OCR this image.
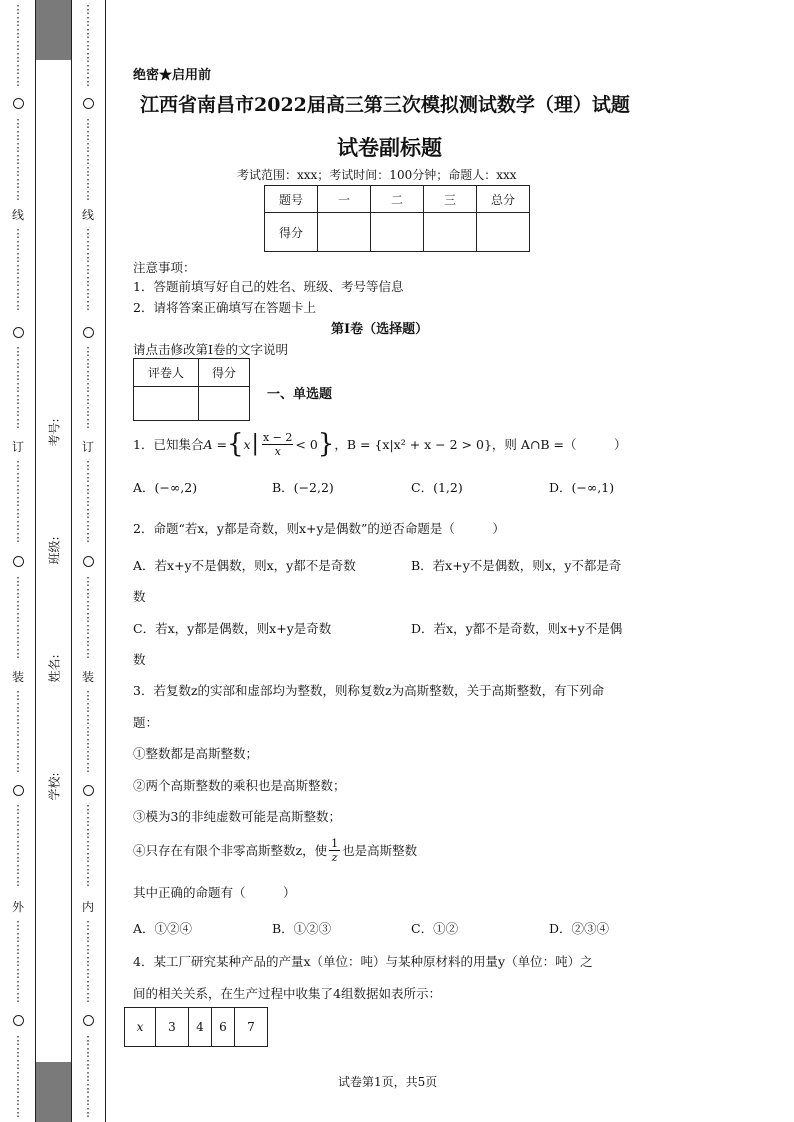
⋮
⋮
⋮
⋮
⋮
⋮
⋮
⋮
⋮
⋮
⋮
⋮
⋮
⋮
线
⋮
⋮
⋮
⋮
⋮
⋮
⋮
⋮
⋮
⋮
⋮
⋮
⋮
⋮
订
⋮
⋮
⋮
⋮
⋮
⋮
⋮
⋮
⋮
⋮
⋮
⋮
⋮
⋮
装
⋮
⋮
⋮
⋮
⋮
⋮
⋮
⋮
⋮
⋮
⋮
⋮
⋮
⋮
外
⋮
⋮
⋮
⋮
⋮
⋮
⋮
⋮
⋮
⋮
⋮
⋮
⋮
⋮
考号:
班级:
姓名:
学校:
⋮
⋮
⋮
⋮
⋮
⋮
⋮
⋮
⋮
⋮
⋮
⋮
⋮
⋮
线
⋮
⋮
⋮
⋮
⋮
⋮
⋮
⋮
⋮
⋮
⋮
⋮
⋮
⋮
订
⋮
⋮
⋮
⋮
⋮
⋮
⋮
⋮
⋮
⋮
⋮
⋮
⋮
⋮
装
⋮
⋮
⋮
⋮
⋮
⋮
⋮
⋮
⋮
⋮
⋮
⋮
⋮
⋮
内
⋮
⋮
⋮
⋮
⋮
⋮
⋮
⋮
⋮
⋮
⋮
⋮
⋮
⋮
绝密★启用前
江西省南昌市2022届高三第三次模拟测试数学（理）试题
试卷副标题
考试范围：xxx；考试时间：100分钟；命题人：xxx
题号	一	二	三	总分
得分				
注意事项：
1．答题前填写好自己的姓名、班级、考号等信息
2．请将答案正确填写在答题卡上
第I卷（选择题）
请点击修改第I卷的文字说明
评卷人	得分

一、单选题
1．已知集合 A = { x | $\frac{x - 2}{x} < 0$ } ，B = {x|x² + x − 2 > 0} ，则 A∩B =（　　　）
A．(−∞,2)	B．(−2,2)	C．(1,2)	D．(−∞,1)
2．命题“若x，y都是奇数，则x+y是偶数”的逆否命题是（　　　）
A．若x+y不是偶数，则x，y都不是奇数	B．若x+y不是偶数，则x，y不都是奇
数
C．若x，y都是偶数，则x+y是奇数	D．若x，y都不是奇数，则x+y不是偶
数
3．若复数z的实部和虚部均为整数，则称复数z为高斯整数，关于高斯整数，有下列命
题：
①整数都是高斯整数；
②两个高斯整数的乘积也是高斯整数；
③模为3的非纯虚数可能是高斯整数；
④只存在有限个非零高斯整数z，使 $\frac{1}{z}$ 也是高斯整数
其中正确的命题有（　　　）
A．①②④	B．①②③	C．①②	D．②③④
4．某工厂研究某种产品的产量x（单位：吨）与某种原材料的用量y（单位：吨）之
间的相关关系，在生产过程中收集了4组数据如表所示：
x	3	4	6	7
试卷第1页，共5页
